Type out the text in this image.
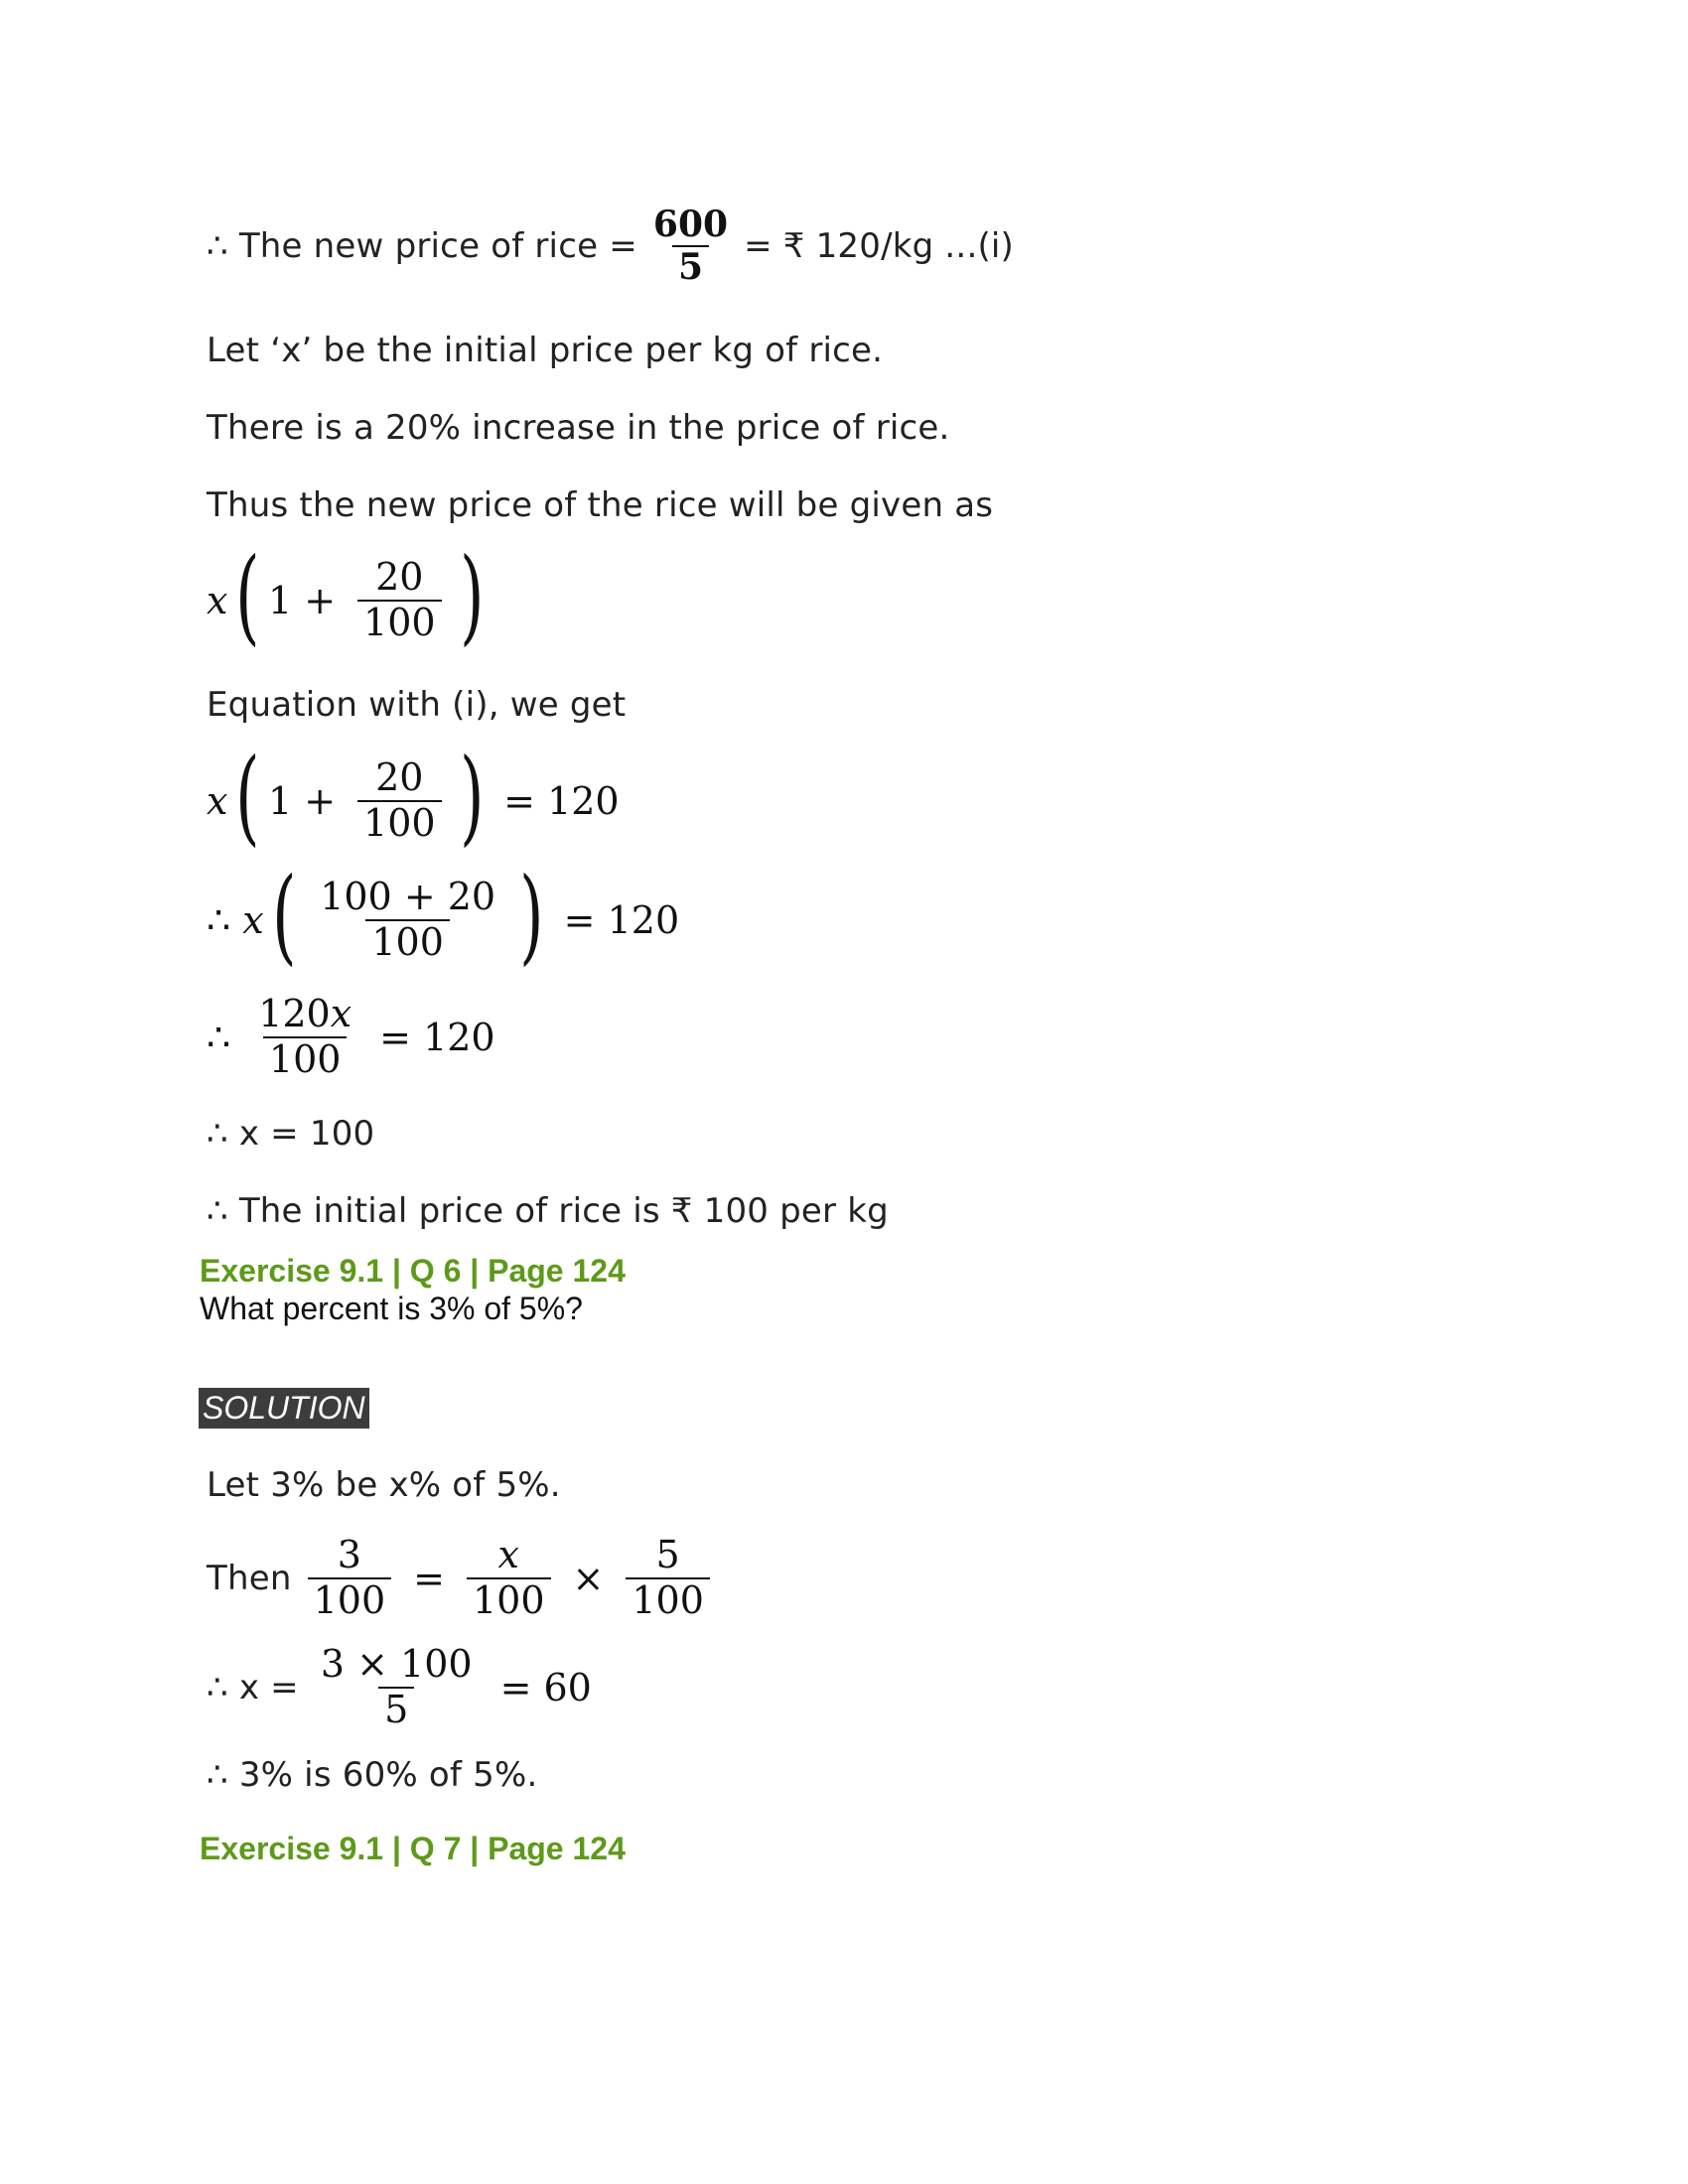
∴ The new price of rice = $\frac{600}{5}$ = ₹ 120/kg ...(i)
Let ‘x’ be the initial price per kg of rice.
There is a 20% increase in the price of rice.
Thus the new price of the rice will be given as
x ( $1 + \frac{20}{100}$ )
Equation with (i), we get
x ( $1 + \frac{20}{100}$ ) = 120
∴ x ( $\frac{100 + 20}{100}$ ) = 120
∴ $\frac{120x}{100} = 120$
∴ x = 100
∴ The initial price of rice is ₹ 100 per kg
Exercise 9.1 | Q 6 | Page 124
What percent is 3% of 5%?
SOLUTION
Let 3% be x% of 5%.
Then $\frac{3}{100} = \frac{x}{100} \times \frac{5}{100}$
∴ $x = \frac{3 \times 100}{5} = 60$
∴ 3% is 60% of 5%.
Exercise 9.1 | Q 7 | Page 124
